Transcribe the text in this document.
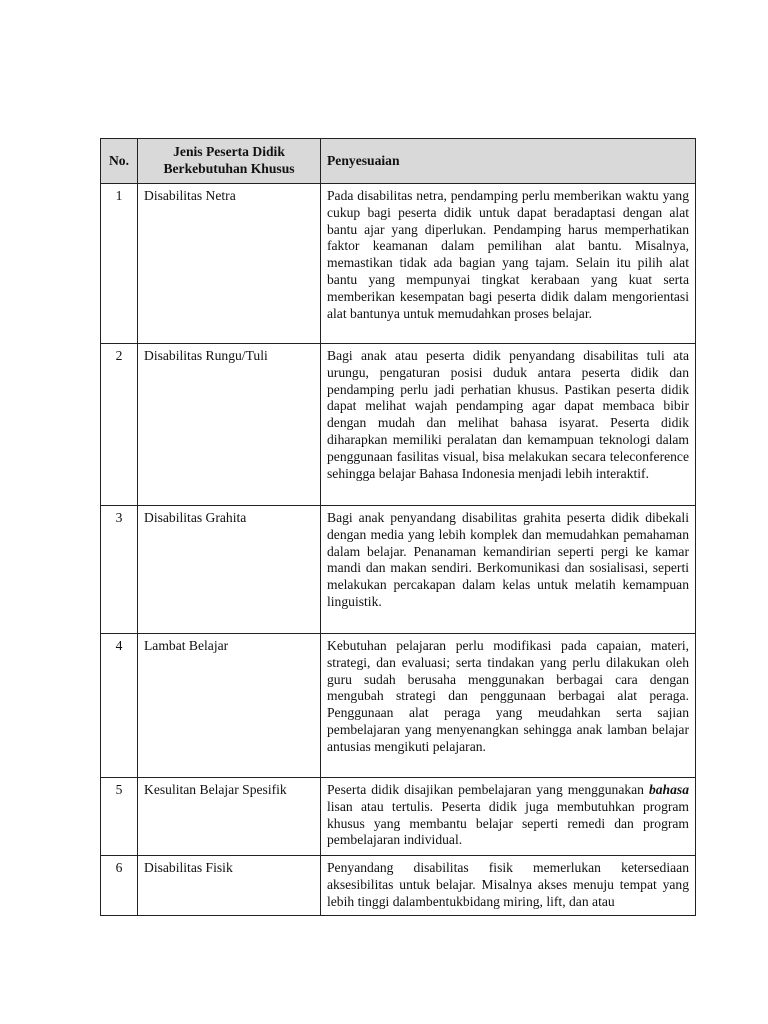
No.	Jenis Peserta Didik Berkebutuhan Khusus	Penyesuaian
1	Disabilitas Netra	Pada disabilitas netra, pendamping perlu memberikan waktu yang cukup bagi peserta didik untuk dapat beradaptasi dengan alat bantu ajar yang diperlukan. Pendamping harus memperhatikan faktor keamanan dalam pemilihan alat bantu. Misalnya, memastikan tidak ada bagian yang tajam. Selain itu pilih alat bantu yang mempunyai tingkat kerabaan yang kuat serta memberikan kesempatan bagi peserta didik dalam mengorientasi alat bantunya untuk memudahkan proses belajar.
2	Disabilitas Rungu/Tuli	Bagi anak atau peserta didik penyandang disabilitas tuli ata urungu, pengaturan posisi duduk antara peserta didik dan pendamping perlu jadi perhatian khusus. Pastikan peserta didik dapat melihat wajah pendamping agar dapat membaca bibir dengan mudah dan melihat bahasa isyarat. Peserta didik diharapkan memiliki peralatan dan kemampuan teknologi dalam penggunaan fasilitas visual, bisa melakukan secara teleconference sehingga belajar Bahasa Indonesia menjadi lebih interaktif.
3	Disabilitas Grahita	Bagi anak penyandang disabilitas grahita peserta didik dibekali dengan media yang lebih komplek dan memudahkan pemahaman dalam belajar. Penanaman kemandirian seperti pergi ke kamar mandi dan makan sendiri. Berkomunikasi dan sosialisasi, seperti melakukan percakapan dalam kelas untuk melatih kemampuan linguistik.
4	Lambat Belajar	Kebutuhan pelajaran perlu modifikasi pada capaian, materi, strategi, dan evaluasi; serta tindakan yang perlu dilakukan oleh guru sudah berusaha menggunakan berbagai cara dengan mengubah strategi dan penggunaan berbagai alat peraga. Penggunaan alat peraga yang meudahkan serta sajian pembelajaran yang menyenangkan sehingga anak lamban belajar antusias mengikuti pelajaran.
5	Kesulitan Belajar Spesifik	Peserta didik disajikan pembelajaran yang menggunakan bahasa lisan atau tertulis. Peserta didik juga membutuhkan program khusus yang membantu belajar seperti remedi dan program pembelajaran individual.
6	Disabilitas Fisik	Penyandang disabilitas fisik memerlukan ketersediaan aksesibilitas untuk belajar. Misalnya akses menuju tempat yang lebih tinggi dalambentukbidang miring, lift, dan atau
